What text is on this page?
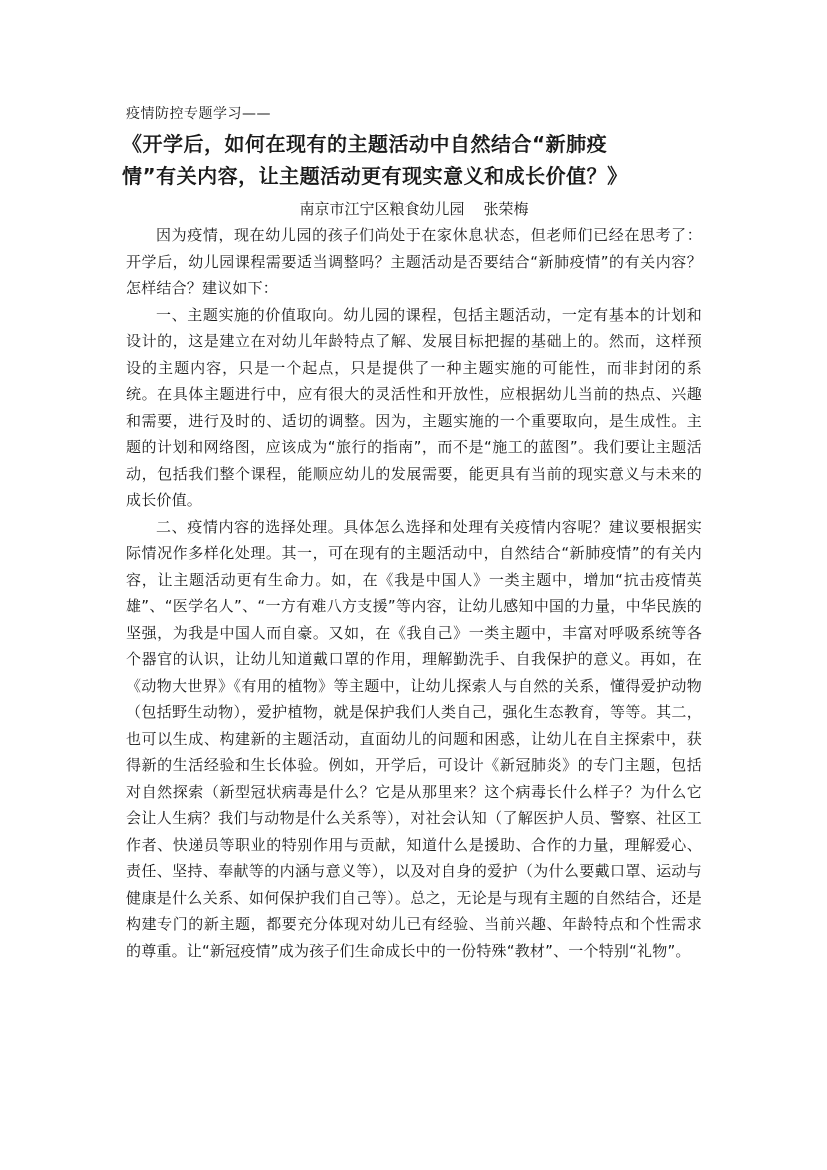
疫情防控专题学习——

《开学后，如何在现有的主题活动中自然结合“新肺疫
情”有关内容，让主题活动更有现实意义和成长价值？》

南京市江宁区粮食幼儿园    张荣梅

因为疫情，现在幼儿园的孩子们尚处于在家休息状态，但老师们已经在思考了：开学后，幼儿园课程需要适当调整吗？主题活动是否要结合“新肺疫情”的有关内容？怎样结合？建议如下：

一、主题实施的价值取向。幼儿园的课程，包括主题活动，一定有基本的计划和设计的，这是建立在对幼儿年龄特点了解、发展目标把握的基础上的。然而，这样预设的主题内容，只是一个起点，只是提供了一种主题实施的可能性，而非封闭的系统。在具体主题进行中，应有很大的灵活性和开放性，应根据幼儿当前的热点、兴趣和需要，进行及时的、适切的调整。因为，主题实施的一个重要取向，是生成性。主题的计划和网络图，应该成为“旅行的指南”，而不是“施工的蓝图”。我们要让主题活动，包括我们整个课程，能顺应幼儿的发展需要，能更具有当前的现实意义与未来的成长价值。

二、疫情内容的选择处理。具体怎么选择和处理有关疫情内容呢？建议要根据实际情况作多样化处理。其一，可在现有的主题活动中，自然结合“新肺疫情”的有关内容，让主题活动更有生命力。如，在《我是中国人》一类主题中，增加“抗击疫情英雄”、“医学名人”、“一方有难八方支援”等内容，让幼儿感知中国的力量，中华民族的坚强，为我是中国人而自豪。又如，在《我自己》一类主题中，丰富对呼吸系统等各个器官的认识，让幼儿知道戴口罩的作用，理解勤洗手、自我保护的意义。再如，在《动物大世界》《有用的植物》等主题中，让幼儿探索人与自然的关系，懂得爱护动物（包括野生动物），爱护植物，就是保护我们人类自己，强化生态教育，等等。其二，也可以生成、构建新的主题活动，直面幼儿的问题和困惑，让幼儿在自主探索中，获得新的生活经验和生长体验。例如，开学后，可设计《新冠肺炎》的专门主题，包括对自然探索（新型冠状病毒是什么？它是从那里来？这个病毒长什么样子？为什么它会让人生病？我们与动物是什么关系等），对社会认知（了解医护人员、警察、社区工作者、快递员等职业的特别作用与贡献，知道什么是援助、合作的力量，理解爱心、责任、坚持、奉献等的内涵与意义等），以及对自身的爱护（为什么要戴口罩、运动与健康是什么关系、如何保护我们自己等）。总之，无论是与现有主题的自然结合，还是构建专门的新主题，都要充分体现对幼儿已有经验、当前兴趣、年龄特点和个性需求的尊重。让“新冠疫情”成为孩子们生命成长中的一份特殊“教材”、一个特别“礼物”。
